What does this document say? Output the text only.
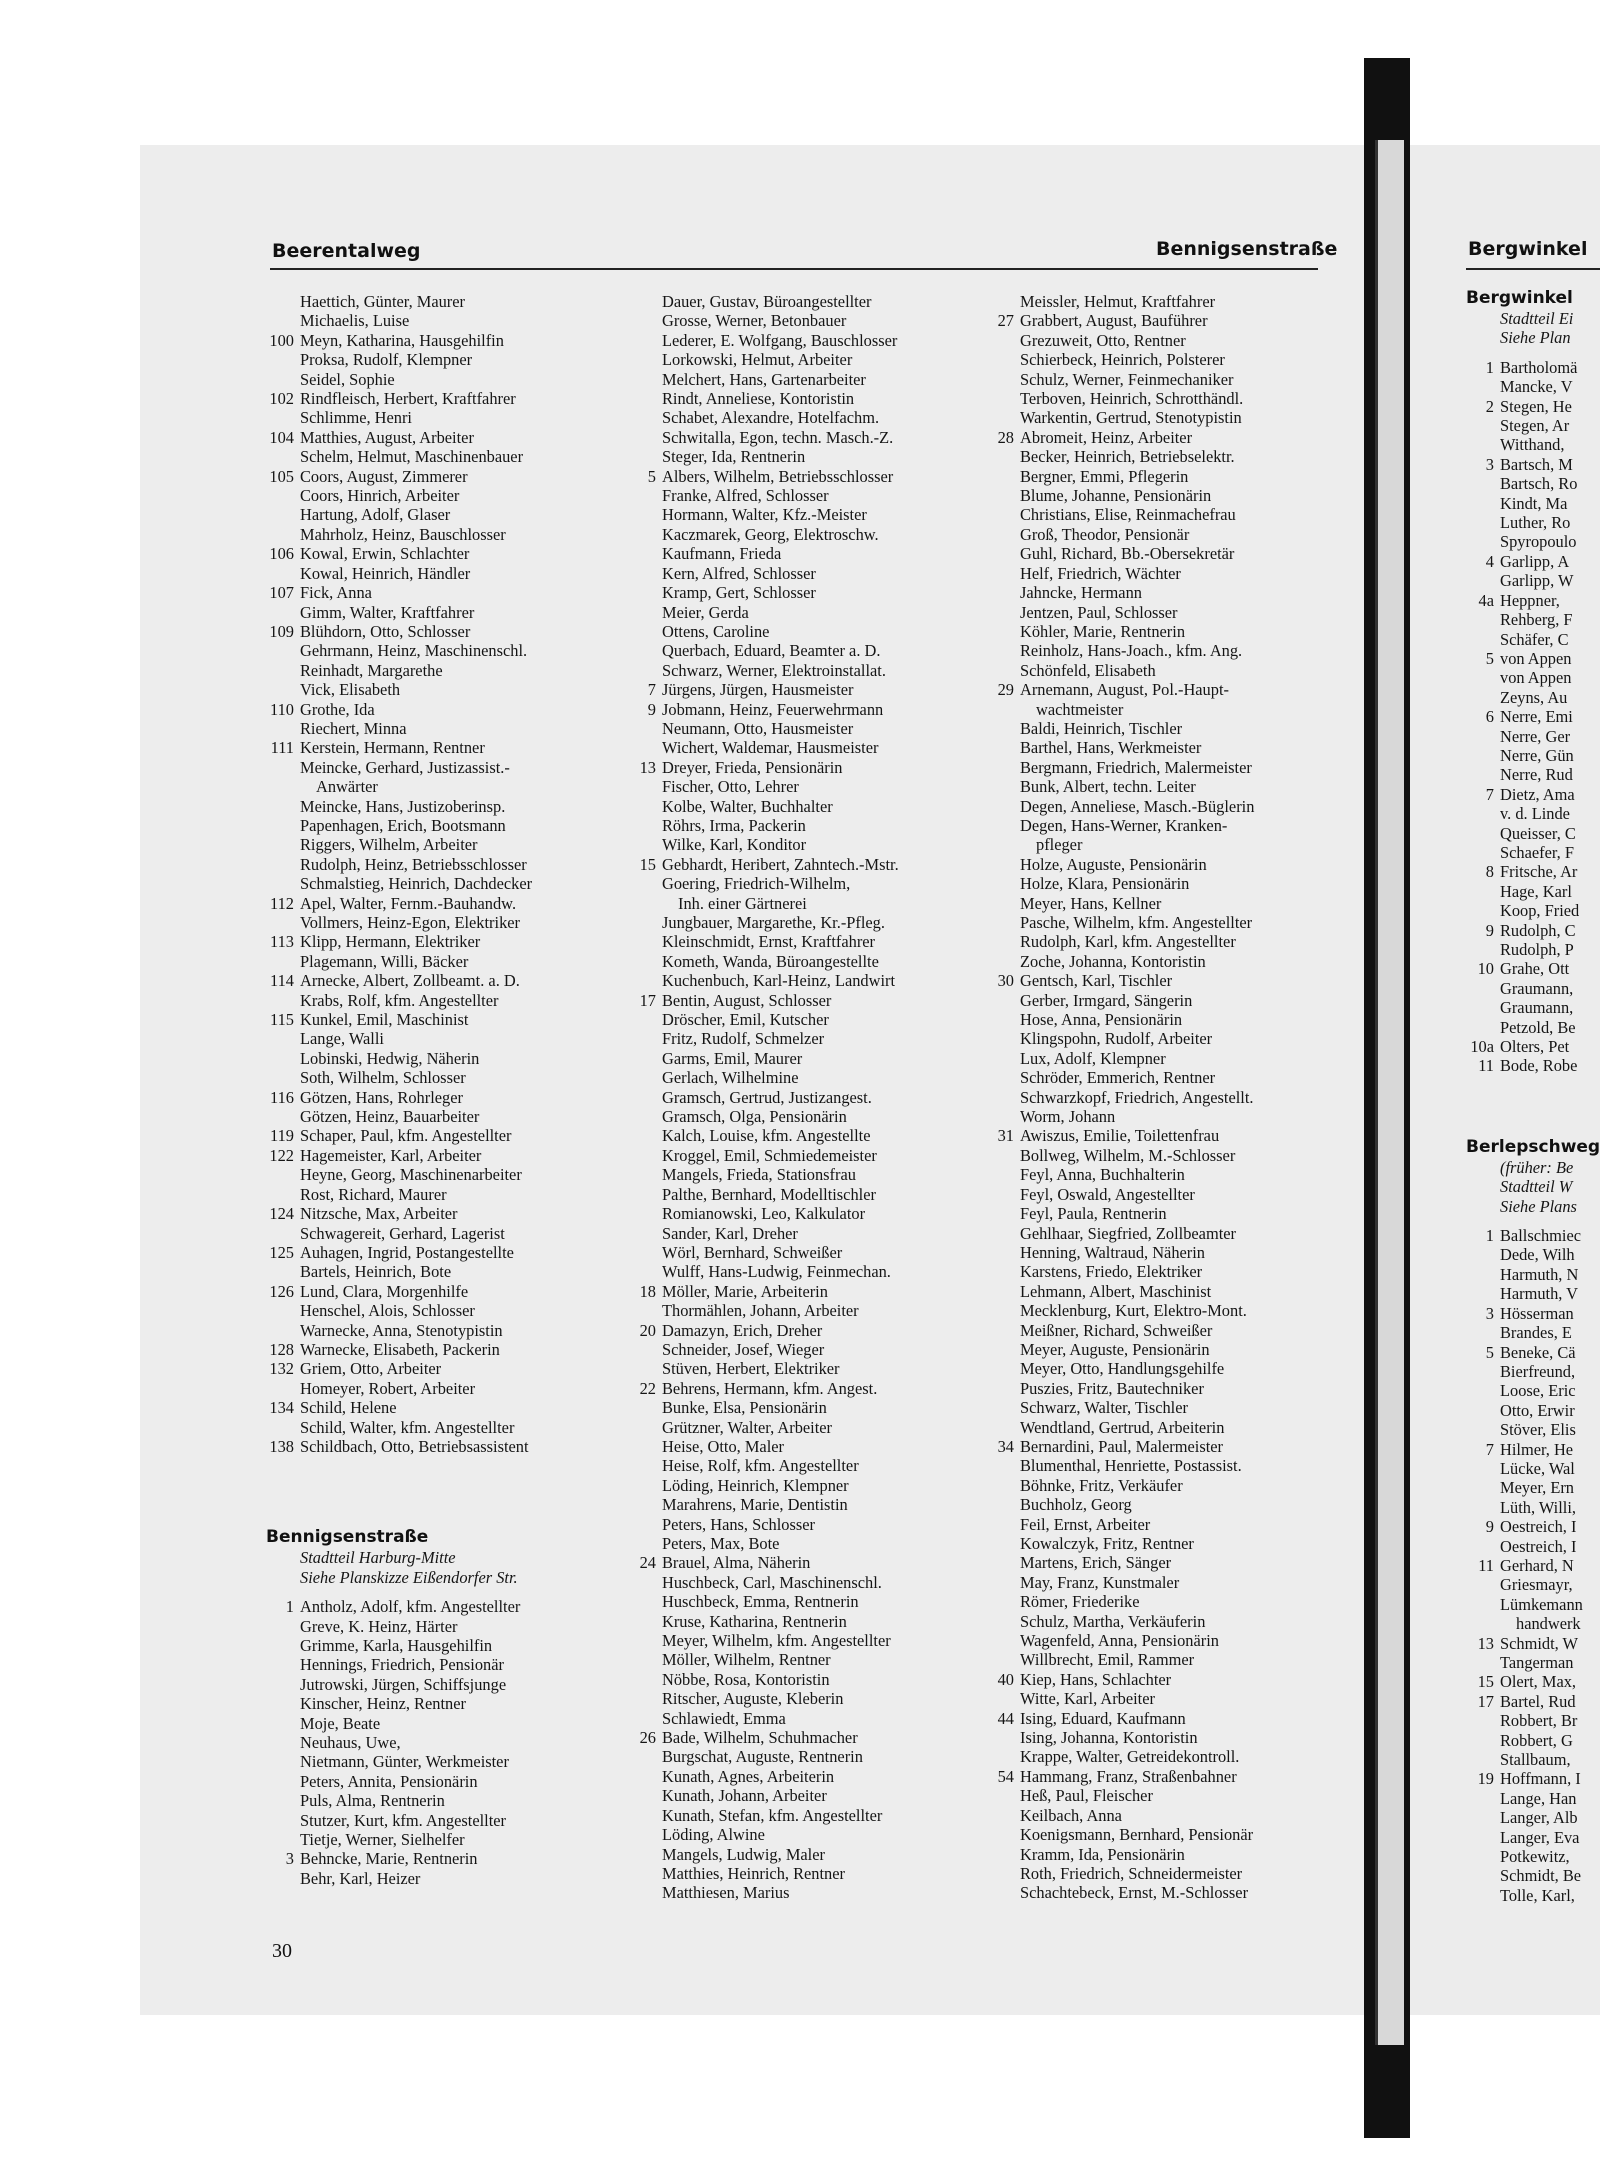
Beerentalweg	Bennigsenstraße	Bergwinkel
Haettich, Günter, Maurer
Michaelis, Luise
100 Meyn, Katharina, Hausgehilfin
Proksa, Rudolf, Klempner
Seidel, Sophie
102 Rindfleisch, Herbert, Kraftfahrer
Schlimme, Henri
104 Matthies, August, Arbeiter
Schelm, Helmut, Maschinenbauer
105 Coors, August, Zimmerer
Coors, Hinrich, Arbeiter
Hartung, Adolf, Glaser
Mahrholz, Heinz, Bauschlosser
106 Kowal, Erwin, Schlachter
Kowal, Heinrich, Händler
107 Fick, Anna
Gimm, Walter, Kraftfahrer
109 Blühdorn, Otto, Schlosser
Gehrmann, Heinz, Maschinenschl.
Reinhadt, Margarethe
Vick, Elisabeth
110 Grothe, Ida
Riechert, Minna
111 Kerstein, Hermann, Rentner
Meincke, Gerhard, Justizassist.-
Anwärter
Meincke, Hans, Justizoberinsp.
Papenhagen, Erich, Bootsmann
Riggers, Wilhelm, Arbeiter
Rudolph, Heinz, Betriebsschlosser
Schmalstieg, Heinrich, Dachdecker
112 Apel, Walter, Fernm.-Bauhandw.
Vollmers, Heinz-Egon, Elektriker
113 Klipp, Hermann, Elektriker
Plagemann, Willi, Bäcker
114 Arnecke, Albert, Zollbeamt. a. D.
Krabs, Rolf, kfm. Angestellter
115 Kunkel, Emil, Maschinist
Lange, Walli
Lobinski, Hedwig, Näherin
Soth, Wilhelm, Schlosser
116 Götzen, Hans, Rohrleger
Götzen, Heinz, Bauarbeiter
119 Schaper, Paul, kfm. Angestellter
122 Hagemeister, Karl, Arbeiter
Heyne, Georg, Maschinenarbeiter
Rost, Richard, Maurer
124 Nitzsche, Max, Arbeiter
Schwagereit, Gerhard, Lagerist
125 Auhagen, Ingrid, Postangestellte
Bartels, Heinrich, Bote
126 Lund, Clara, Morgenhilfe
Henschel, Alois, Schlosser
Warnecke, Anna, Stenotypistin
128 Warnecke, Elisabeth, Packerin
132 Griem, Otto, Arbeiter
Homeyer, Robert, Arbeiter
134 Schild, Helene
Schild, Walter, kfm. Angestellter
138 Schildbach, Otto, Betriebsassistent
Bennigsenstraße
Stadtteil Harburg-Mitte
Siehe Planskizze Eißendorfer Str.
1 Antholz, Adolf, kfm. Angestellter
Greve, K. Heinz, Härter
Grimme, Karla, Hausgehilfin
Hennings, Friedrich, Pensionär
Jutrowski, Jürgen, Schiffsjunge
Kinscher, Heinz, Rentner
Moje, Beate
Neuhaus, Uwe,
Nietmann, Günter, Werkmeister
Peters, Annita, Pensionärin
Puls, Alma, Rentnerin
Stutzer, Kurt, kfm. Angestellter
Tietje, Werner, Sielhelfer
3 Behncke, Marie, Rentnerin
Behr, Karl, Heizer
Dauer, Gustav, Büroangestellter
Grosse, Werner, Betonbauer
Lederer, E. Wolfgang, Bauschlosser
Lorkowski, Helmut, Arbeiter
Melchert, Hans, Gartenarbeiter
Rindt, Anneliese, Kontoristin
Schabet, Alexandre, Hotelfachm.
Schwitalla, Egon, techn. Masch.-Z.
Steger, Ida, Rentnerin
5 Albers, Wilhelm, Betriebsschlosser
Franke, Alfred, Schlosser
Hormann, Walter, Kfz.-Meister
Kaczmarek, Georg, Elektroschw.
Kaufmann, Frieda
Kern, Alfred, Schlosser
Kramp, Gert, Schlosser
Meier, Gerda
Ottens, Caroline
Querbach, Eduard, Beamter a. D.
Schwarz, Werner, Elektroinstallat.
7 Jürgens, Jürgen, Hausmeister
9 Jobmann, Heinz, Feuerwehrmann
Neumann, Otto, Hausmeister
Wichert, Waldemar, Hausmeister
13 Dreyer, Frieda, Pensionärin
Fischer, Otto, Lehrer
Kolbe, Walter, Buchhalter
Röhrs, Irma, Packerin
Wilke, Karl, Konditor
15 Gebhardt, Heribert, Zahntech.-Mstr.
Goering, Friedrich-Wilhelm,
Inh. einer Gärtnerei
Jungbauer, Margarethe, Kr.-Pfleg.
Kleinschmidt, Ernst, Kraftfahrer
Kometh, Wanda, Büroangestellte
Kuchenbuch, Karl-Heinz, Landwirt
17 Bentin, August, Schlosser
Dröscher, Emil, Kutscher
Fritz, Rudolf, Schmelzer
Garms, Emil, Maurer
Gerlach, Wilhelmine
Gramsch, Gertrud, Justizangest.
Gramsch, Olga, Pensionärin
Kalch, Louise, kfm. Angestellte
Kroggel, Emil, Schmiedemeister
Mangels, Frieda, Stationsfrau
Palthe, Bernhard, Modelltischler
Romianowski, Leo, Kalkulator
Sander, Karl, Dreher
Wörl, Bernhard, Schweißer
Wulff, Hans-Ludwig, Feinmechan.
18 Möller, Marie, Arbeiterin
Thormählen, Johann, Arbeiter
20 Damazyn, Erich, Dreher
Schneider, Josef, Wieger
Stüven, Herbert, Elektriker
22 Behrens, Hermann, kfm. Angest.
Bunke, Elsa, Pensionärin
Grützner, Walter, Arbeiter
Heise, Otto, Maler
Heise, Rolf, kfm. Angestellter
Löding, Heinrich, Klempner
Marahrens, Marie, Dentistin
Peters, Hans, Schlosser
Peters, Max, Bote
24 Brauel, Alma, Näherin
Huschbeck, Carl, Maschinenschl.
Huschbeck, Emma, Rentnerin
Kruse, Katharina, Rentnerin
Meyer, Wilhelm, kfm. Angestellter
Möller, Wilhelm, Rentner
Nöbbe, Rosa, Kontoristin
Ritscher, Auguste, Kleberin
Schlawiedt, Emma
26 Bade, Wilhelm, Schuhmacher
Burgschat, Auguste, Rentnerin
Kunath, Agnes, Arbeiterin
Kunath, Johann, Arbeiter
Kunath, Stefan, kfm. Angestellter
Löding, Alwine
Mangels, Ludwig, Maler
Matthies, Heinrich, Rentner
Matthiesen, Marius
Meissler, Helmut, Kraftfahrer
27 Grabbert, August, Bauführer
Grezuweit, Otto, Rentner
Schierbeck, Heinrich, Polsterer
Schulz, Werner, Feinmechaniker
Terboven, Heinrich, Schrotthändl.
Warkentin, Gertrud, Stenotypistin
28 Abromeit, Heinz, Arbeiter
Becker, Heinrich, Betriebselektr.
Bergner, Emmi, Pflegerin
Blume, Johanne, Pensionärin
Christians, Elise, Reinmachefrau
Groß, Theodor, Pensionär
Guhl, Richard, Bb.-Obersekretär
Helf, Friedrich, Wächter
Jahncke, Hermann
Jentzen, Paul, Schlosser
Köhler, Marie, Rentnerin
Reinholz, Hans-Joach., kfm. Ang.
Schönfeld, Elisabeth
29 Arnemann, August, Pol.-Haupt-
wachtmeister
Baldi, Heinrich, Tischler
Barthel, Hans, Werkmeister
Bergmann, Friedrich, Malermeister
Bunk, Albert, techn. Leiter
Degen, Anneliese, Masch.-Büglerin
Degen, Hans-Werner, Kranken-
pfleger
Holze, Auguste, Pensionärin
Holze, Klara, Pensionärin
Meyer, Hans, Kellner
Pasche, Wilhelm, kfm. Angestellter
Rudolph, Karl, kfm. Angestellter
Zoche, Johanna, Kontoristin
30 Gentsch, Karl, Tischler
Gerber, Irmgard, Sängerin
Hose, Anna, Pensionärin
Klingspohn, Rudolf, Arbeiter
Lux, Adolf, Klempner
Schröder, Emmerich, Rentner
Schwarzkopf, Friedrich, Angestellt.
Worm, Johann
31 Awiszus, Emilie, Toilettenfrau
Bollweg, Wilhelm, M.-Schlosser
Feyl, Anna, Buchhalterin
Feyl, Oswald, Angestellter
Feyl, Paula, Rentnerin
Gehlhaar, Siegfried, Zollbeamter
Henning, Waltraud, Näherin
Karstens, Friedo, Elektriker
Lehmann, Albert, Maschinist
Mecklenburg, Kurt, Elektro-Mont.
Meißner, Richard, Schweißer
Meyer, Auguste, Pensionärin
Meyer, Otto, Handlungsgehilfe
Puszies, Fritz, Bautechniker
Schwarz, Walter, Tischler
Wendtland, Gertrud, Arbeiterin
34 Bernardini, Paul, Malermeister
Blumenthal, Henriette, Postassist.
Böhnke, Fritz, Verkäufer
Buchholz, Georg
Feil, Ernst, Arbeiter
Kowalczyk, Fritz, Rentner
Martens, Erich, Sänger
May, Franz, Kunstmaler
Römer, Friederike
Schulz, Martha, Verkäuferin
Wagenfeld, Anna, Pensionärin
Willbrecht, Emil, Rammer
40 Kiep, Hans, Schlachter
Witte, Karl, Arbeiter
44 Ising, Eduard, Kaufmann
Ising, Johanna, Kontoristin
Krappe, Walter, Getreidekontroll.
54 Hammang, Franz, Straßenbahner
Heß, Paul, Fleischer
Keilbach, Anna
Koenigsmann, Bernhard, Pensionär
Kramm, Ida, Pensionärin
Roth, Friedrich, Schneidermeister
Schachtebeck, Ernst, M.-Schlosser
Bergwinkel
Stadtteil Ei
Siehe Plan
1 Bartholomä
Mancke, V
2 Stegen, He
Stegen, Ar
Witthand,
3 Bartsch, M
Bartsch, Ro
Kindt, Ma
Luther, Ro
Spyropoulo
4 Garlipp, A
Garlipp, W
4a Heppner,
Rehberg, F
Schäfer, C
5 von Appen
von Appen
Zeyns, Au
6 Nerre, Emi
Nerre, Ger
Nerre, Gün
Nerre, Rud
7 Dietz, Ama
v. d. Linde
Queisser, C
Schaefer, F
8 Fritsche, Ar
Hage, Karl
Koop, Fried
9 Rudolph, C
Rudolph, P
10 Grahe, Ott
Graumann,
Graumann,
Petzold, Be
10a Olters, Pet
11 Bode, Robe
Berlepschweg
(früher: Be
Stadtteil W
Siehe Plans
1 Ballschmiec
Dede, Wilh
Harmuth, N
Harmuth, V
3 Hösserman
Brandes, E
5 Beneke, Cä
Bierfreund,
Loose, Eric
Otto, Erwir
Stöver, Elis
7 Hilmer, He
Lücke, Wal
Meyer, Ern
Lüth, Willi,
9 Oestreich, I
Oestreich, I
11 Gerhard, N
Griesmayr,
Lümkemann
handwerk
13 Schmidt, W
Tangerman
15 Olert, Max,
17 Bartel, Rud
Robbert, Br
Robbert, G
Stallbaum,
19 Hoffmann, I
Lange, Han
Langer, Alb
Langer, Eva
Potkewitz,
Schmidt, Be
Tolle, Karl,
30
